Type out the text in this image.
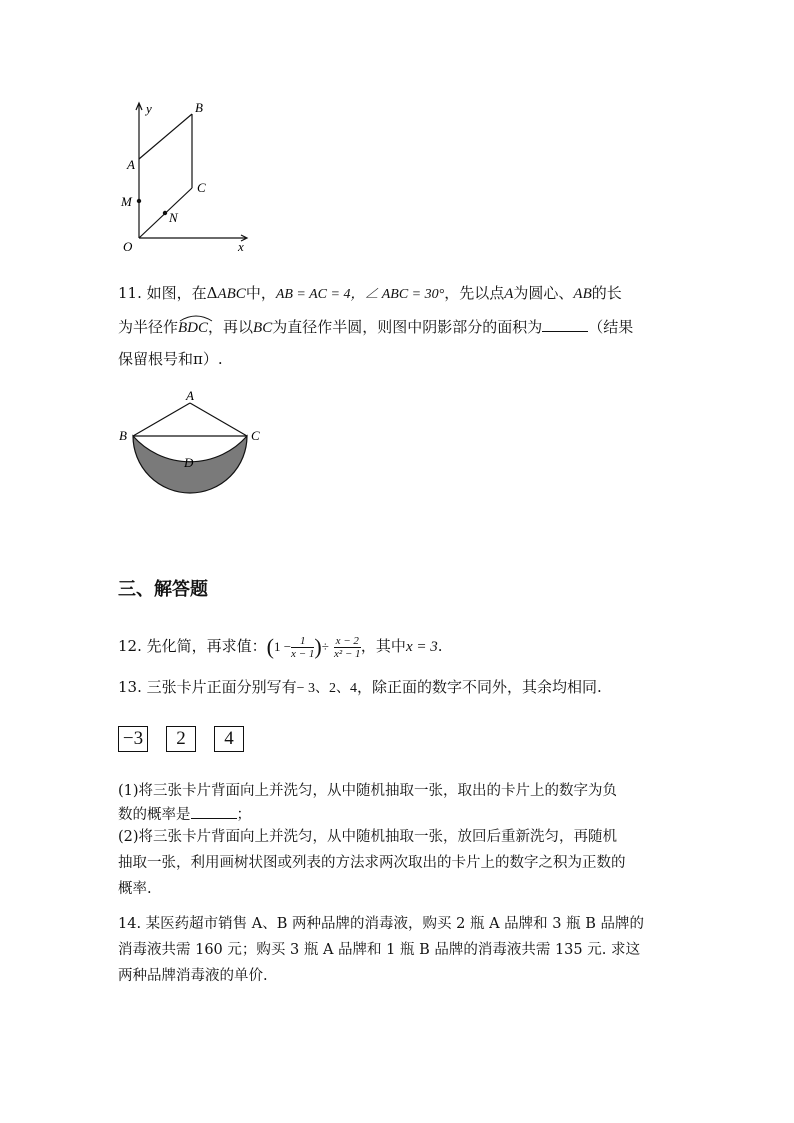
y
x
O
A
B
C
M
N
11. 如图，在ΔABC中，AB = AC = 4，∠ ABC = 30°，先以点A为圆心、AB的长
为半径作
BDC，再以BC为直径作半圆，则图中阴影部分的面积为	（结果
保留根号和π）.
A
B	C
D
三、解答题
12. 先化简，再求值：($1 - \frac{1}{x - 1}$ )÷ $\frac{x - 2}{\text{x² − 1}}$ ，其中x = 3.
13. 三张卡片正面分别写有− 3、2、4，除正面的数字不同外，其余均相同.
−3	2	4
(1)将三张卡片背面向上并洗匀，从中随机抽取一张，取出的卡片上的数字为负
数的概率是	；
(2)将三张卡片背面向上并洗匀，从中随机抽取一张，放回后重新洗匀，再随机
抽取一张，利用画树状图或列表的方法求两次取出的卡片上的数字之积为正数的
概率.
14. 某医药超市销售 A、B 两种品牌的消毒液，购买 2 瓶 A 品牌和 3 瓶 B 品牌的
消毒液共需 160 元；购买 3 瓶 A 品牌和 1 瓶 B 品牌的消毒液共需 135 元. 求这
两种品牌消毒液的单价.
